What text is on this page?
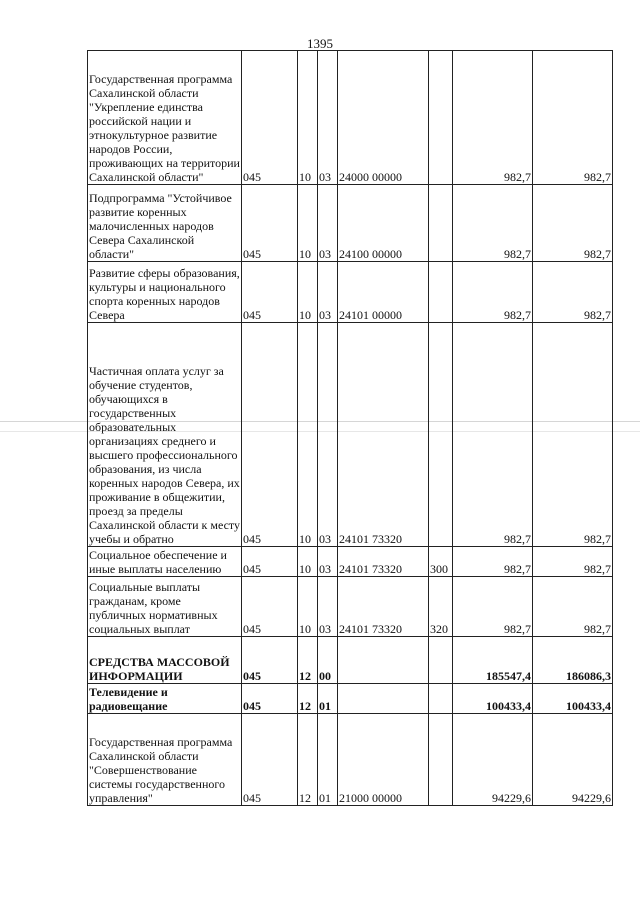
1395
Государственная программа Сахалинской области "Укрепление единства российской нации и этнокультурное развитие народов России, проживающих на территории Сахалинской области"	045	10	03	24000 00000		982,7	982,7
Подпрограмма "Устойчивое развитие коренных малочисленных народов Севера Сахалинской области"	045	10	03	24100 00000		982,7	982,7
Развитие сферы образования, культуры и национального спорта коренных народов Севера	045	10	03	24101 00000		982,7	982,7
Частичная оплата услуг за обучение студентов, обучающихся в государственных образовательных организациях среднего и высшего профессионального образования, из числа коренных народов Севера, их проживание в общежитии, проезд за пределы Сахалинской области к месту учебы и обратно	045	10	03	24101 73320		982,7	982,7
Социальное обеспечение и иные выплаты населению	045	10	03	24101 73320	300	982,7	982,7
Социальные выплаты гражданам, кроме публичных нормативных социальных выплат	045	10	03	24101 73320	320	982,7	982,7
СРЕДСТВА МАССОВОЙ ИНФОРМАЦИИ	045	12	00			185547,4	186086,3
Телевидение и радиовещание	045	12	01			100433,4	100433,4
Государственная программа Сахалинской области "Совершенствование системы государственного управления"	045	12	01	21000 00000		94229,6	94229,6
